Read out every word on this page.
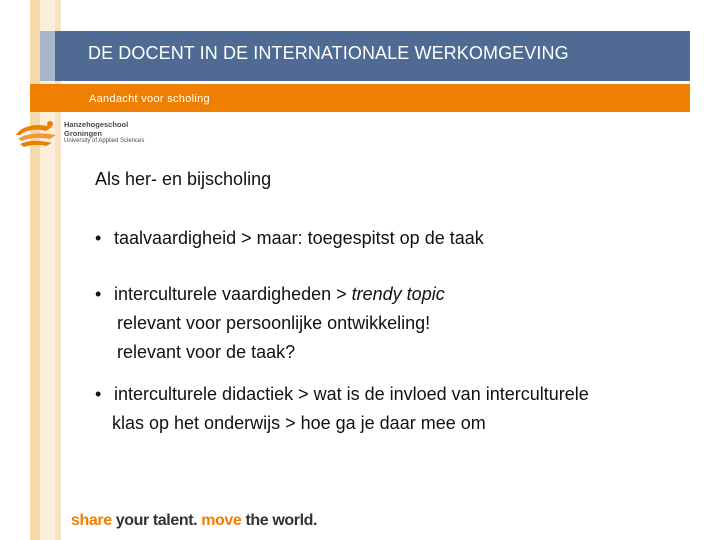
DE DOCENT IN DE INTERNATIONALE WERKOMGEVING
Aandacht voor scholing
Hanzehogeschool
Groningen
University of Applied Sciences
Als her- en bijscholing
• taalvaardigheid > maar: toegespitst op de taak
• interculturele vaardigheden > trendy topic
relevant voor persoonlijke ontwikkeling!
relevant voor de taak?
• interculturele didactiek > wat is de invloed van interculturele
klas op het onderwijs > hoe ga je daar mee om
share your talent. move the world.
